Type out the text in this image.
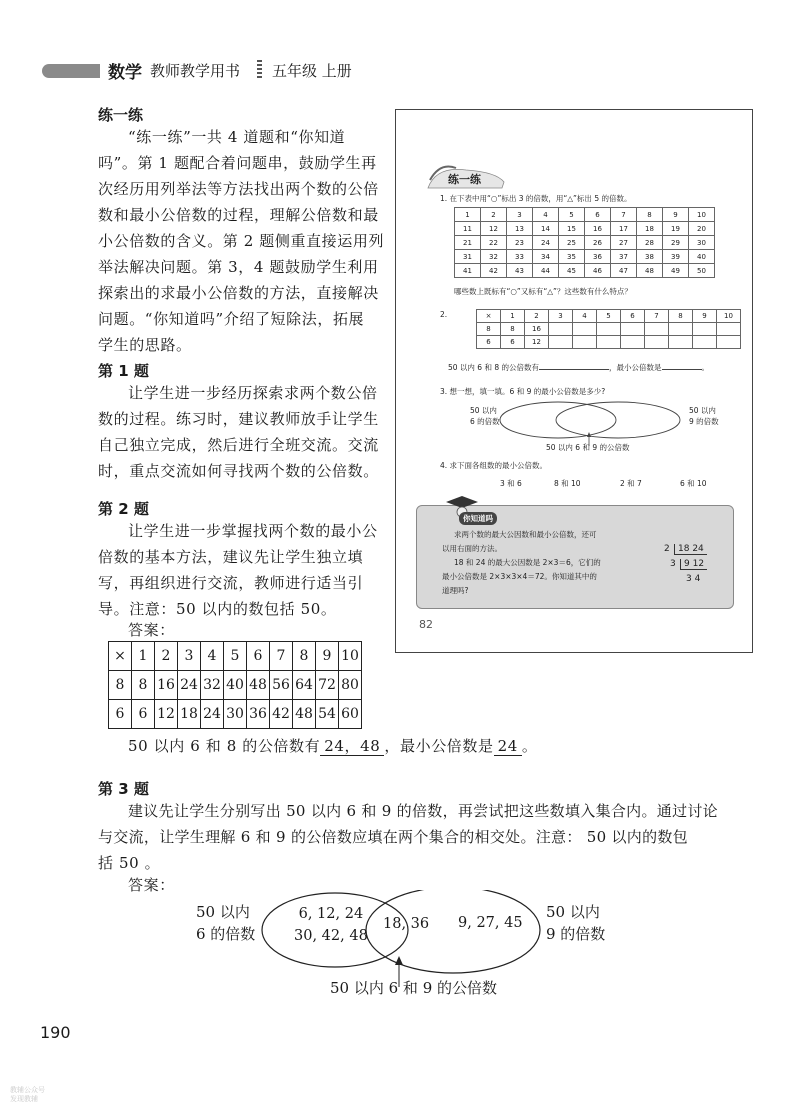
数学 教师教学用书 五年级 上册
练一练
“练一练”一共 4 道题和“你知道
吗”。第 1 题配合着问题串，鼓励学生再
次经历用列举法等方法找出两个数的公倍
数和最小公倍数的过程，理解公倍数和最
小公倍数的含义。第 2 题侧重直接运用列
举法解决问题。第 3，4 题鼓励学生利用
探索出的求最小公倍数的方法，直接解决
问题。“你知道吗”介绍了短除法，拓展
学生的思路。
第 1 题
让学生进一步经历探索求两个数公倍
数的过程。练习时，建议教师放手让学生
自己独立完成，然后进行全班交流。交流
时，重点交流如何寻找两个数的公倍数。
第 2 题
让学生进一步掌握找两个数的最小公
倍数的基本方法，建议先让学生独立填
写，再组织进行交流，教师进行适当引
导。注意：50 以内的数包括 50。
答案：
×	1	2	3	4	5	6	7	8	9	10
8	8	16	24	32	40	48	56	64	72	80
6	6	12	18	24	30	36	42	48	54	60
50 以内 6 和 8 的公倍数有 24，48 ，最小公倍数是 24 。
第 3 题
建议先让学生分别写出 50 以内 6 和 9 的倍数，再尝试把这些数填入集合内。通过讨论
与交流，让学生理解 6 和 9 的公倍数应填在两个集合的相交处。注意： 50 以内的数包
括 50 。
答案：
50 以内
6 的倍数
6, 12, 24
30, 42, 48
18, 36 9, 27, 45
50 以内
9 的倍数
50 以内 6 和 9 的公倍数
190
练一练
1. 在下表中用“○”标出 3 的倍数，用“△”标出 5 的倍数。
1	2	3	4	5	6	7	8	9	10
11	12	13	14	15	16	17	18	19	20
21	22	23	24	25	26	27	28	29	30
31	32	33	34	35	36	37	38	39	40
41	42	43	44	45	46	47	48	49	50
哪些数上既标有“○”又标有“△”？这些数有什么特点？
2.	×	1	2	3	4	5	6	7	8	9	10
8	8	16								
6	6	12								
50 以内 6 和 8 的公倍数有	，最小公倍数是	。
3. 想一想，填一填。6 和 9 的最小公倍数是多少?
50 以内
6 的倍数
50 以内
9 的倍数
50 以内 6 和 9 的公倍数
4. 求下面各组数的最小公倍数。
3 和 6	8 和 10	2 和 7	6 和 10
你知道吗
求两个数的最大公因数和最小公倍数，还可
以用右面的方法。
18 和 24 的最大公因数是 2×3＝6，它们的
最小公倍数是 2×3×3×4＝72。你知道其中的
道理吗?
2 18 24
3 9 12
3 4
82
教辅公众号
发现教辅
